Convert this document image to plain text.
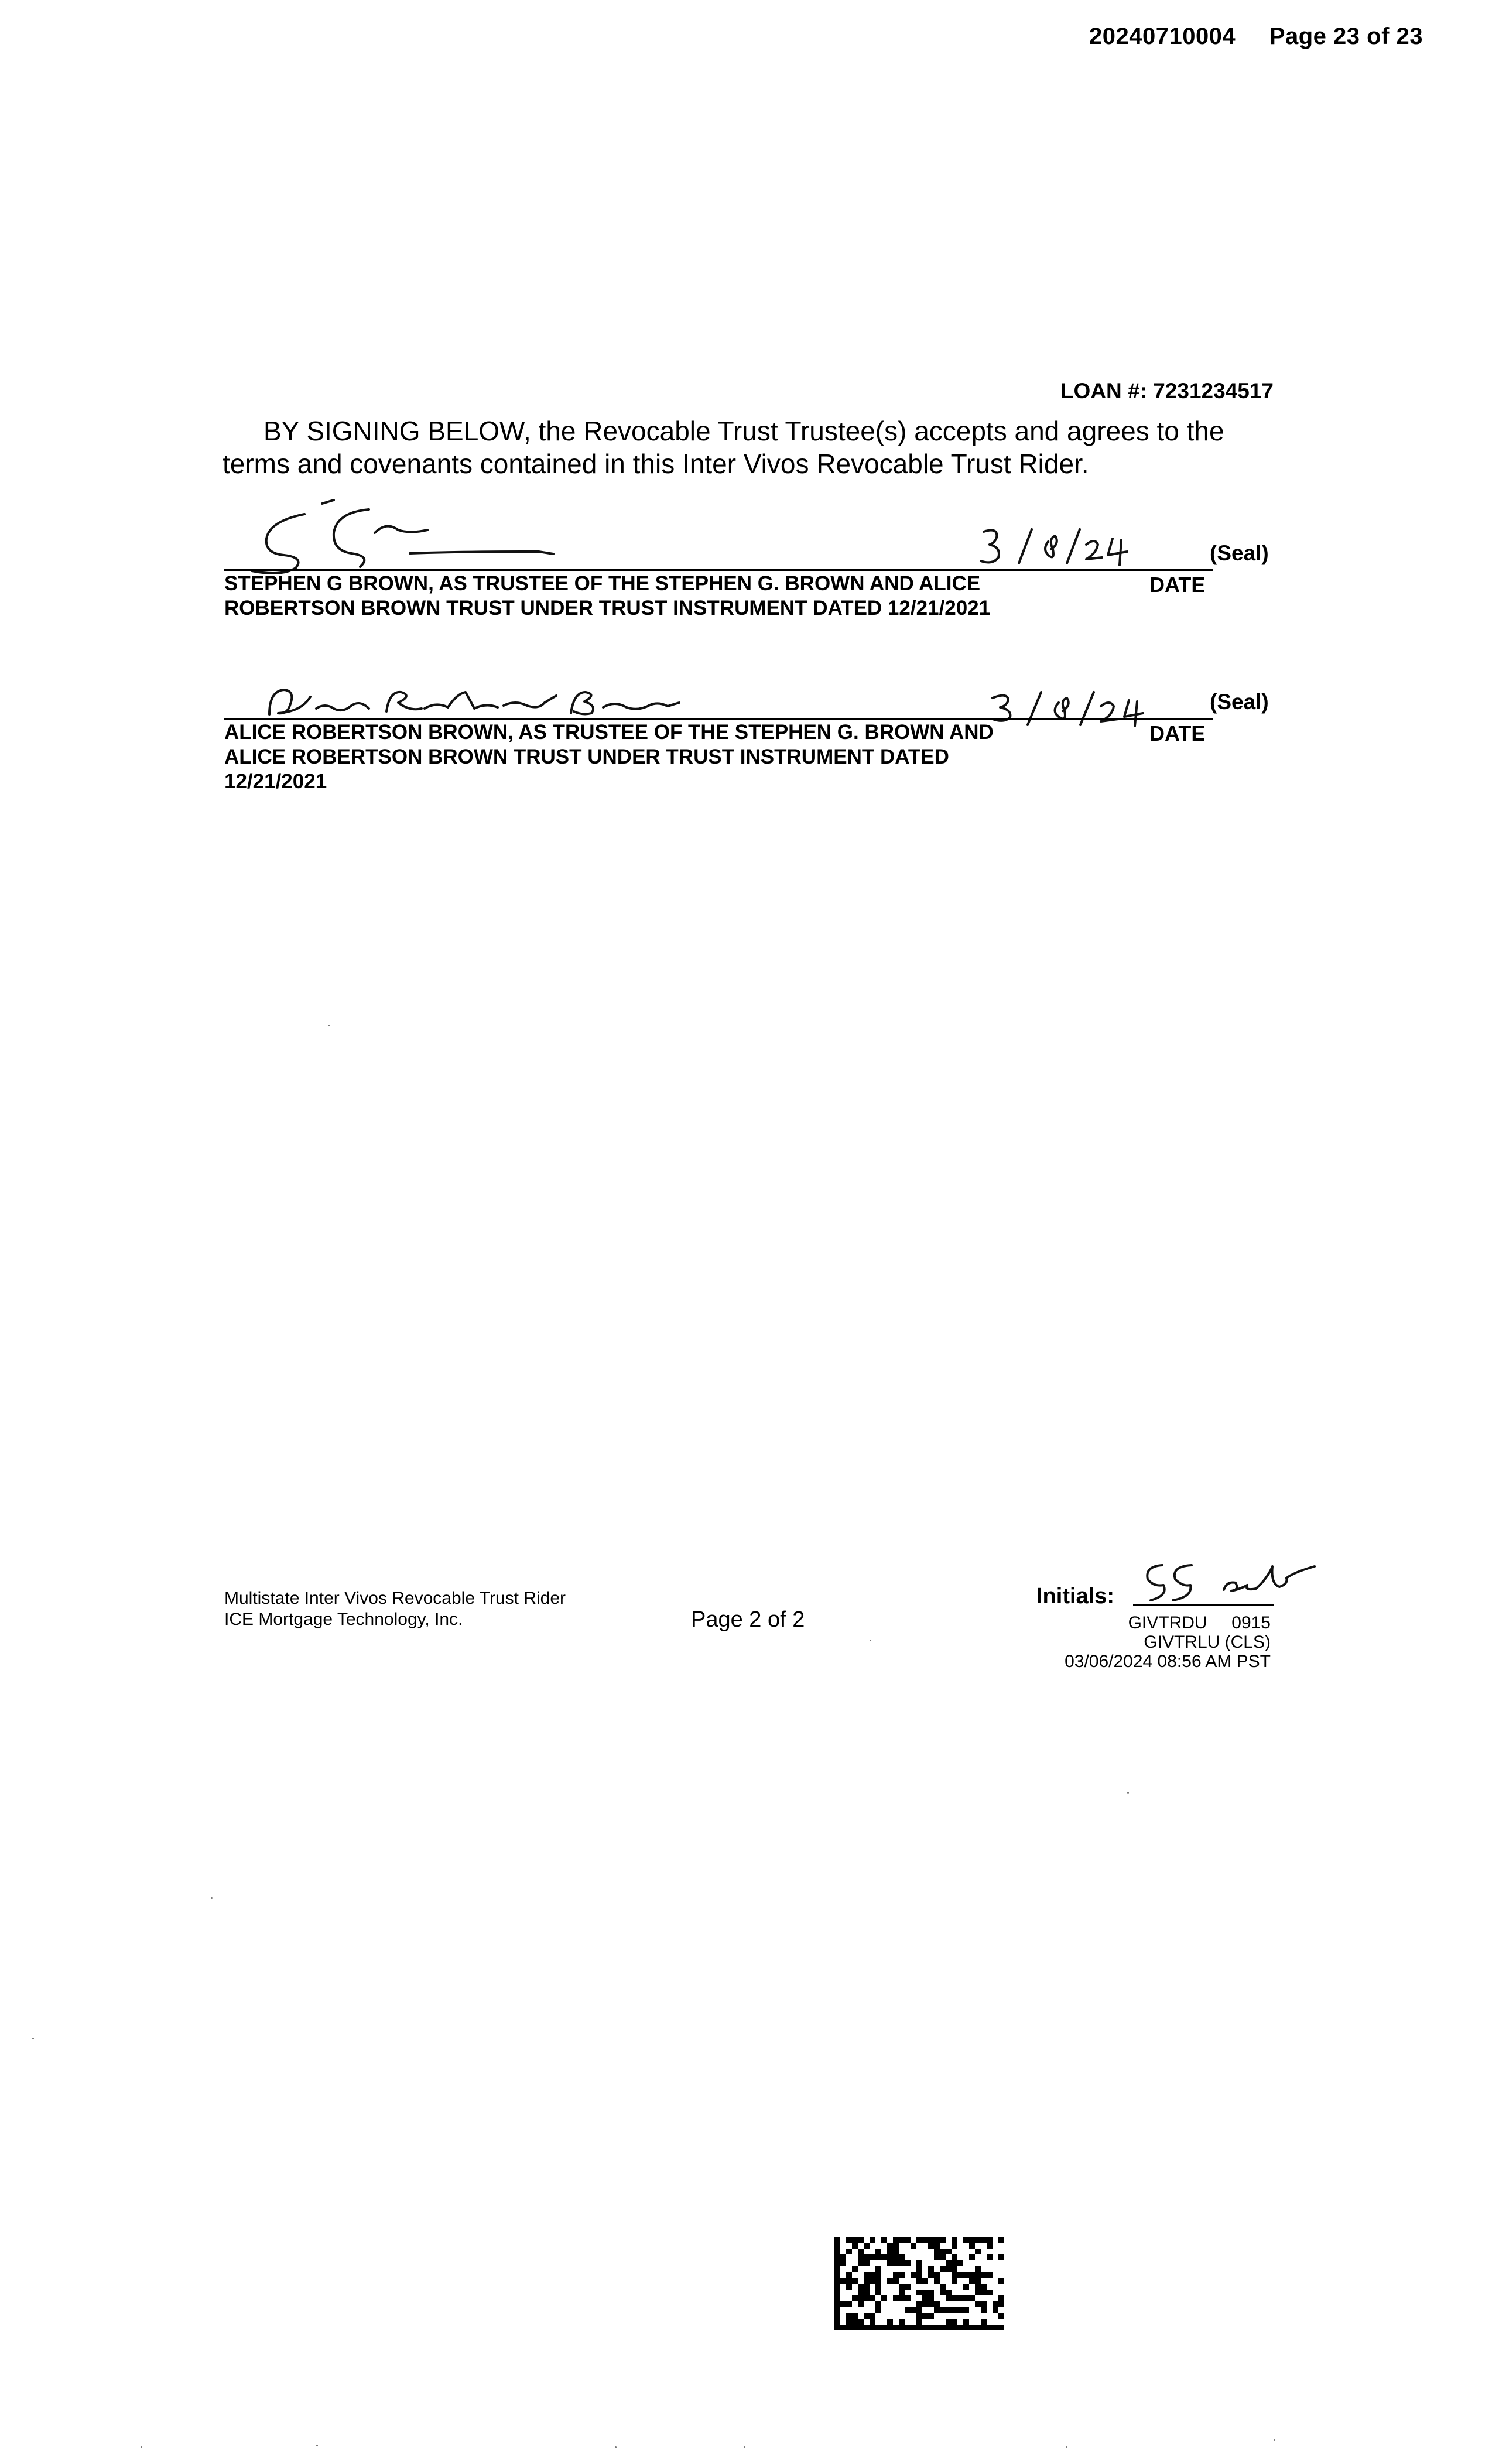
20240710004 Page 23 of 23
LOAN #: 7231234517
BY SIGNING BELOW, the Revocable Trust Trustee(s) accepts and agrees to the terms and covenants contained in this Inter Vivos Revocable Trust Rider.
(Seal)
STEPHEN G BROWN, AS TRUSTEE OF THE STEPHEN G. BROWN AND ALICE
ROBERTSON BROWN TRUST UNDER TRUST INSTRUMENT DATED 12/21/2021
DATE
(Seal)
ALICE ROBERTSON BROWN, AS TRUSTEE OF THE STEPHEN G. BROWN AND
ALICE ROBERTSON BROWN TRUST UNDER TRUST INSTRUMENT DATED
12/21/2021
DATE
Multistate Inter Vivos Revocable Trust Rider
ICE Mortgage Technology, Inc.	Page 2 of 2
Initials:
GIVTRDU     0915
GIVTRLU (CLS)
03/06/2024 08:56 AM PST
